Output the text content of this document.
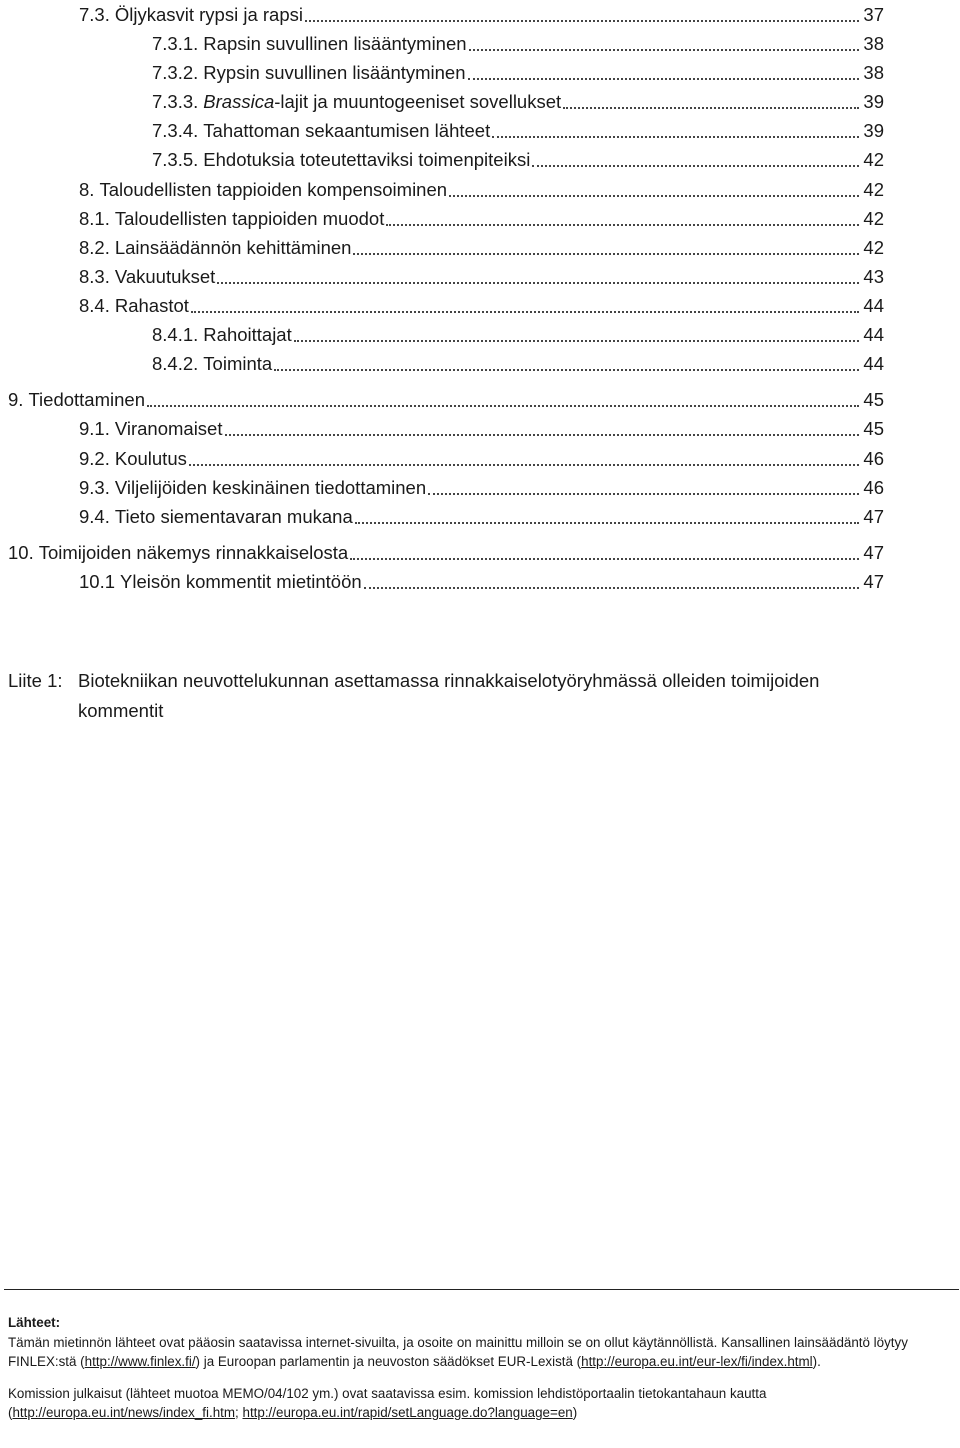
7.3. Öljykasvit rypsi ja rapsi	37
7.3.1. Rapsin suvullinen lisääntyminen	38
7.3.2. Rypsin suvullinen lisääntyminen	38
7.3.3. Brassica-lajit ja muuntogeeniset sovellukset	39
7.3.4. Tahattoman sekaantumisen lähteet	39
7.3.5. Ehdotuksia toteutettaviksi toimenpiteiksi	42
8. Taloudellisten tappioiden kompensoiminen	42
8.1. Taloudellisten tappioiden muodot	42
8.2. Lainsäädännön kehittäminen	42
8.3. Vakuutukset	43
8.4. Rahastot	44
8.4.1. Rahoittajat	44
8.4.2. Toiminta	44
9. Tiedottaminen	45
9.1. Viranomaiset	45
9.2. Koulutus	46
9.3. Viljelijöiden keskinäinen tiedottaminen	46
9.4. Tieto siementavaran mukana	47
10. Toimijoiden näkemys rinnakkaiselosta	47
10.1 Yleisön kommentit mietintöön	47
Liite 1: Biotekniikan neuvottelukunnan asettamassa rinnakkaiselotyöryhmässä olleiden toimijoiden kommentit
Lähteet:

Tämän mietinnön lähteet ovat pääosin saatavissa internet-sivuilta, ja osoite on mainittu milloin se on ollut käytännöllistä. Kansallinen lainsäädäntö löytyy FINLEX:stä (http://www.finlex.fi/) ja Euroopan parlamentin ja neuvoston säädökset EUR-Lexistä (http://europa.eu.int/eur-lex/fi/index.html).

Komission julkaisut (lähteet muotoa MEMO/04/102 ym.) ovat saatavissa esim. komission lehdistöportaalin tietokantahaun kautta (http://europa.eu.int/news/index_fi.htm; http://europa.eu.int/rapid/setLanguage.do?language=en)
